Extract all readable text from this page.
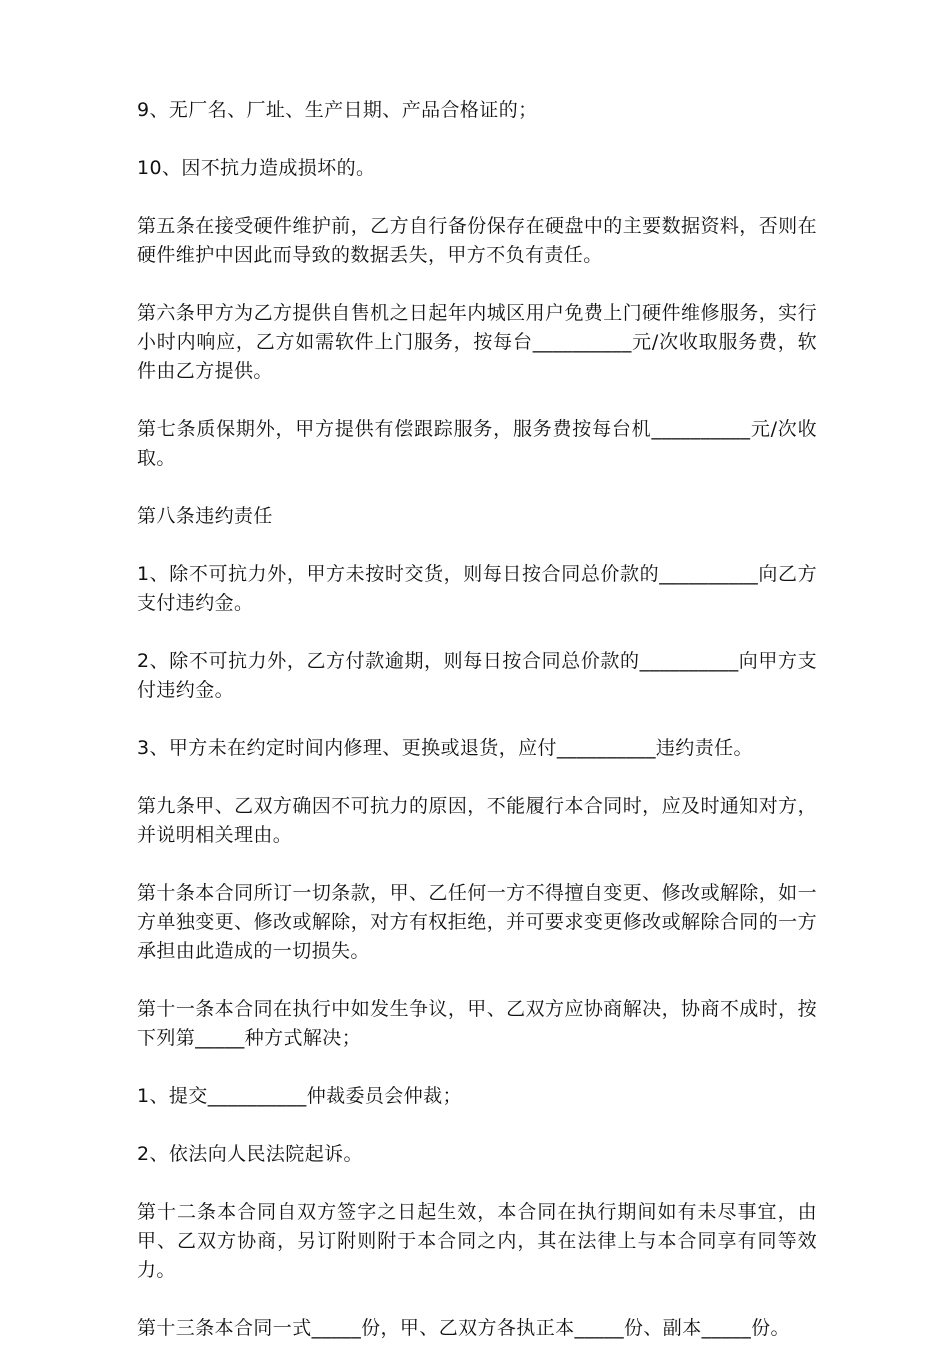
9、无厂名、厂址、生产日期、产品合格证的；

10、因不抗力造成损坏的。

第五条在接受硬件维护前，乙方自行备份保存在硬盘中的主要数据资料，否则在硬件维护中因此而导致的数据丢失，甲方不负有责任。

第六条甲方为乙方提供自售机之日起年内城区用户免费上门硬件维修服务，实行小时内响应，乙方如需软件上门服务，按每台__________元/次收取服务费，软件由乙方提供。

第七条质保期外，甲方提供有偿跟踪服务，服务费按每台机__________元/次收取。

第八条违约责任

1、除不可抗力外，甲方未按时交货，则每日按合同总价款的__________向乙方支付违约金。

2、除不可抗力外，乙方付款逾期，则每日按合同总价款的__________向甲方支付违约金。

3、甲方未在约定时间内修理、更换或退货，应付__________违约责任。

第九条甲、乙双方确因不可抗力的原因，不能履行本合同时，应及时通知对方，并说明相关理由。

第十条本合同所订一切条款，甲、乙任何一方不得擅自变更、修改或解除，如一方单独变更、修改或解除，对方有权拒绝，并可要求变更修改或解除合同的一方承担由此造成的一切损失。

第十一条本合同在执行中如发生争议，甲、乙双方应协商解决，协商不成时，按下列第_____种方式解决；

1、提交__________仲裁委员会仲裁；

2、依法向人民法院起诉。

第十二条本合同自双方签字之日起生效，本合同在执行期间如有未尽事宜，由甲、乙双方协商，另订附则附于本合同之内，其在法律上与本合同享有同等效力。

第十三条本合同一式_____份，甲、乙双方各执正本_____份、副本_____份。
